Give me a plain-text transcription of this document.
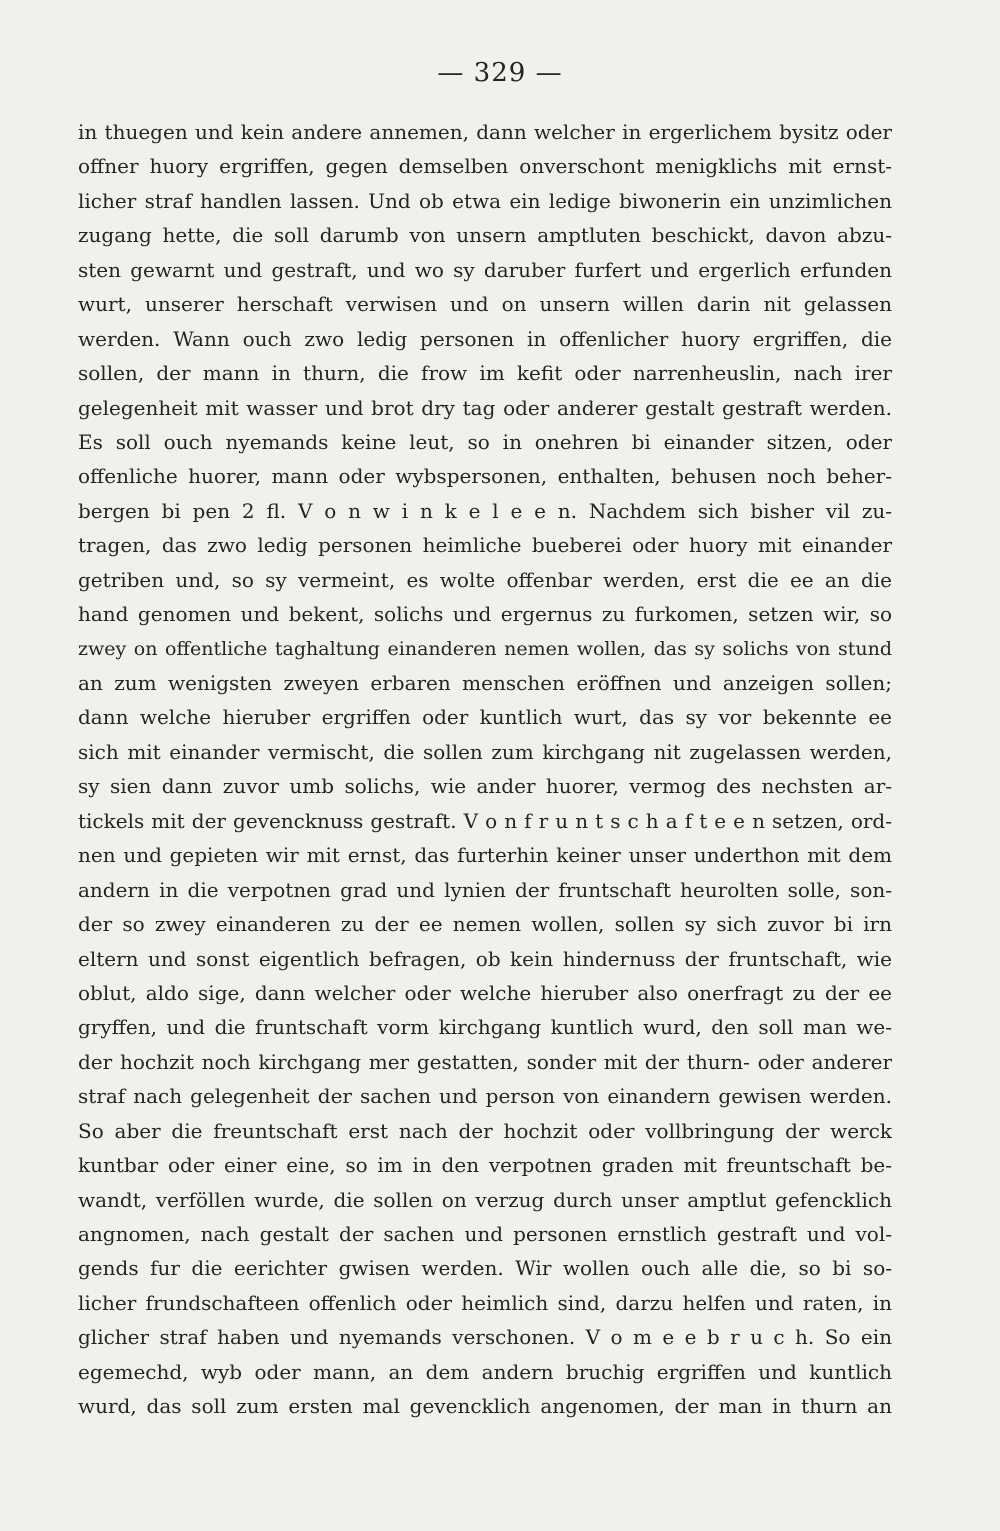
— 329 —
in thuegen und kein andere annemen, dann welcher in ergerlichem bysitz oder
offner huory ergriffen, gegen demselben onverschont menigklichs mit ernst-
licher straf handlen lassen. Und ob etwa ein ledige biwonerin ein unzimlichen
zugang hette, die soll darumb von unsern amptluten beschickt, davon abzu-
sten gewarnt und gestraft, und wo sy daruber furfert und ergerlich erfunden
wurt, unserer herschaft verwisen und on unsern willen darin nit gelassen
werden. Wann ouch zwo ledig personen in offenlicher huory ergriffen, die
sollen, der mann in thurn, die frow im kefit oder narrenheuslin, nach irer
gelegenheit mit wasser und brot dry tag oder anderer gestalt gestraft werden.
Es soll ouch nyemands keine leut, so in onehren bi einander sitzen, oder
offenliche huorer, mann oder wybspersonen, enthalten, behusen noch beher-
bergen bi pen 2 fl. V o n w i n k e l e e n. Nachdem sich bisher vil zu-
tragen, das zwo ledig personen heimliche bueberei oder huory mit einander
getriben und, so sy vermeint, es wolte offenbar werden, erst die ee an die
hand genomen und bekent, solichs und ergernus zu furkomen, setzen wir, so
zwey on offentliche taghaltung einanderen nemen wollen, das sy solichs von stund
an zum wenigsten zweyen erbaren menschen eröffnen und anzeigen sollen;
dann welche hieruber ergriffen oder kuntlich wurt, das sy vor bekennte ee
sich mit einander vermischt, die sollen zum kirchgang nit zugelassen werden,
sy sien dann zuvor umb solichs, wie ander huorer, vermog des nechsten ar-
tickels mit der gevencknuss gestraft. V o n f r u n t s c h a f t e e n setzen, ord-
nen und gepieten wir mit ernst, das furterhin keiner unser underthon mit dem
andern in die verpotnen grad und lynien der fruntschaft heurolten solle, son-
der so zwey einanderen zu der ee nemen wollen, sollen sy sich zuvor bi irn
eltern und sonst eigentlich befragen, ob kein hindernuss der fruntschaft, wie
oblut, aldo sige, dann welcher oder welche hieruber also onerfragt zu der ee
gryffen, und die fruntschaft vorm kirchgang kuntlich wurd, den soll man we-
der hochzit noch kirchgang mer gestatten, sonder mit der thurn- oder anderer
straf nach gelegenheit der sachen und person von einandern gewisen werden.
So aber die freuntschaft erst nach der hochzit oder vollbringung der werck
kuntbar oder einer eine, so im in den verpotnen graden mit freuntschaft be-
wandt, verföllen wurde, die sollen on verzug durch unser amptlut gefencklich
angnomen, nach gestalt der sachen und personen ernstlich gestraft und vol-
gends fur die eerichter gwisen werden. Wir wollen ouch alle die, so bi so-
licher frundschafteen offenlich oder heimlich sind, darzu helfen und raten, in
glicher straf haben und nyemands verschonen. V o m e e b r u c h. So ein
egemechd, wyb oder mann, an dem andern bruchig ergriffen und kuntlich
wurd, das soll zum ersten mal gevencklich angenomen, der man in thurn an
